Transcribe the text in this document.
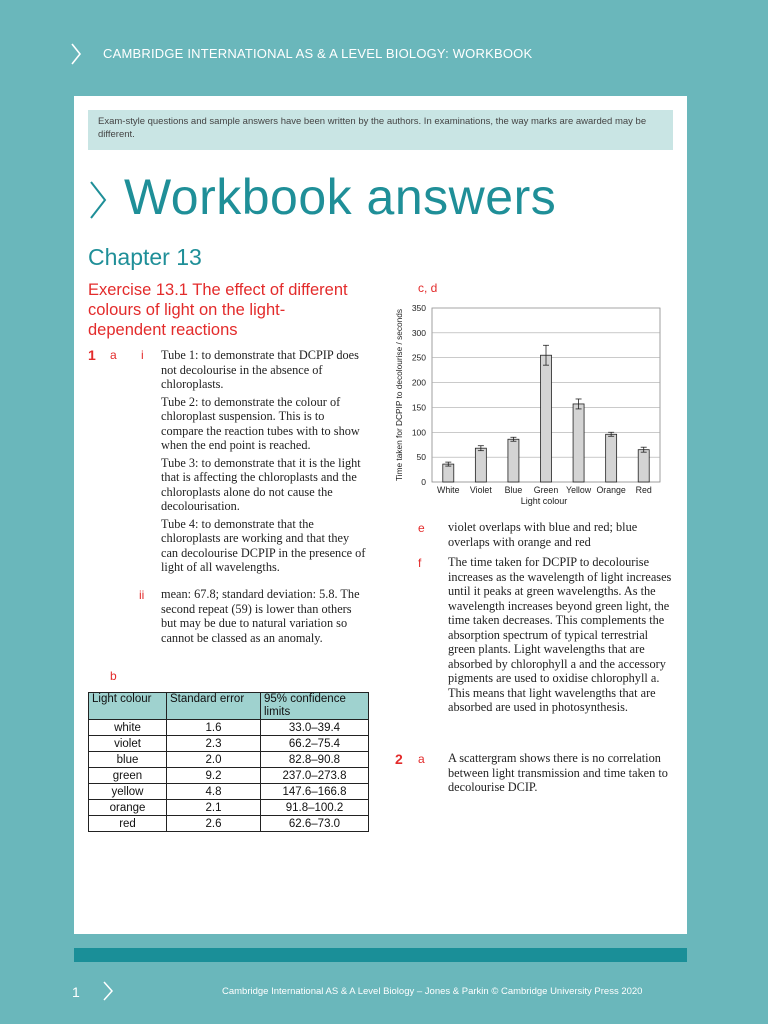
CAMBRIDGE INTERNATIONAL AS & A LEVEL BIOLOGY: WORKBOOK
Exam-style questions and sample answers have been written by the authors. In examinations, the way marks are awarded may be different.
Workbook answers
Chapter 13
Exercise 13.1 The effect of different colours of light on the light-dependent reactions
1 a i Tube 1: to demonstrate that DCPIP does not decolourise in the absence of chloroplasts.

Tube 2: to demonstrate the colour of chloroplast suspension. This is to compare the reaction tubes with to show when the end point is reached.

Tube 3: to demonstrate that it is the light that is affecting the chloroplasts and the chloroplasts alone do not cause the decolourisation.

Tube 4: to demonstrate that the chloroplasts are working and that they can decolourise DCPIP in the presence of light of all wavelengths.

ii mean: 67.8; standard deviation: 5.8. The second repeat (59) is lower than others but may be due to natural variation so cannot be classed as an anomaly.
b
Light colour	Standard error	95% confidence limits
white	1.6	33.0–39.4
violet	2.3	66.2–75.4
blue	2.0	82.8–90.8
green	9.2	237.0–273.8
yellow	4.8	147.6–166.8
orange	2.1	91.8–100.2
red	2.6	62.6–73.0
c, d
Time taken for DCPIP to decolourise / seconds
0
50
100
150
200
250
300
350
White Violet Blue Green Yellow Orange Red
Light colour
e violet overlaps with blue and red; blue overlaps with orange and red
f The time taken for DCPIP to decolourise increases as the wavelength of light increases until it peaks at green wavelengths. As the wavelength increases beyond green light, the time taken decreases. This complements the absorption spectrum of typical terrestrial green plants. Light wavelengths that are absorbed by chlorophyll a and the accessory pigments are used to oxidise chlorophyll a. This means that light wavelengths that are absorbed are used in photosynthesis.
2 a A scattergram shows there is no correlation between light transmission and time taken to decolourise DCIP.
1	Cambridge International AS & A Level Biology – Jones & Parkin © Cambridge University Press 2020
